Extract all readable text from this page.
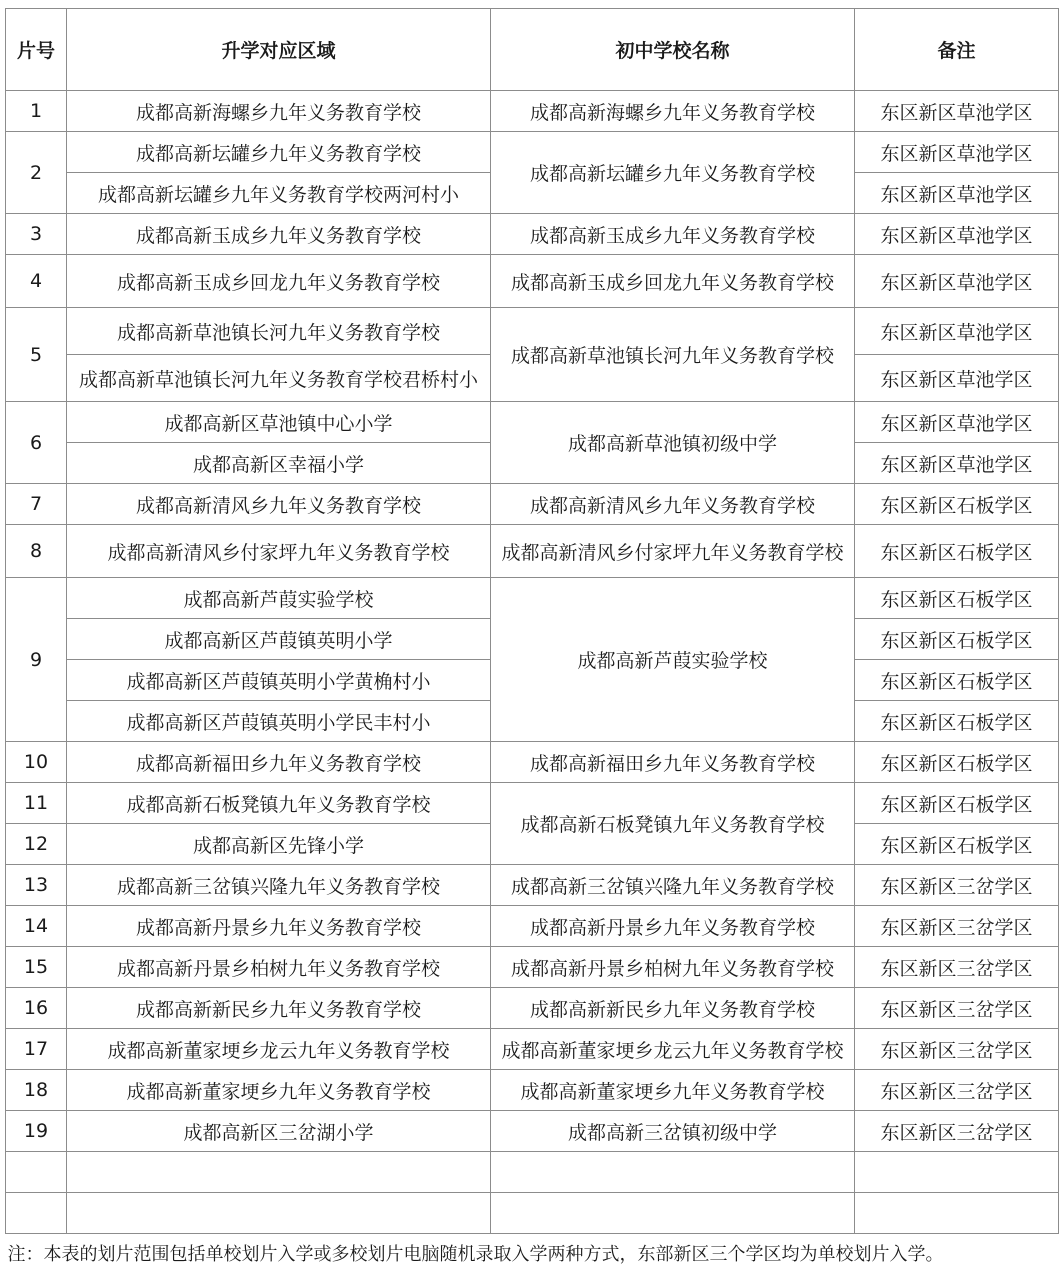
片号	升学对应区域	初中学校名称	备注
1	成都高新海螺乡九年义务教育学校	成都高新海螺乡九年义务教育学校	东区新区草池学区
2	成都高新坛罐乡九年义务教育学校	成都高新坛罐乡九年义务教育学校	东区新区草池学区
	成都高新坛罐乡九年义务教育学校两河村小		东区新区草池学区
3	成都高新玉成乡九年义务教育学校	成都高新玉成乡九年义务教育学校	东区新区草池学区
4	成都高新玉成乡回龙九年义务教育学校	成都高新玉成乡回龙九年义务教育学校	东区新区草池学区
5	成都高新草池镇长河九年义务教育学校	成都高新草池镇长河九年义务教育学校	东区新区草池学区
	成都高新草池镇长河九年义务教育学校君桥村小		东区新区草池学区
6	成都高新区草池镇中心小学	成都高新草池镇初级中学	东区新区草池学区
	成都高新区幸福小学		东区新区草池学区
7	成都高新清风乡九年义务教育学校	成都高新清风乡九年义务教育学校	东区新区石板学区
8	成都高新清风乡付家坪九年义务教育学校	成都高新清风乡付家坪九年义务教育学校	东区新区石板学区
9	成都高新芦葭实验学校	成都高新芦葭实验学校	东区新区石板学区
	成都高新区芦葭镇英明小学		东区新区石板学区
	成都高新区芦葭镇英明小学黄桷村小		东区新区石板学区
	成都高新区芦葭镇英明小学民丰村小		东区新区石板学区
10	成都高新福田乡九年义务教育学校	成都高新福田乡九年义务教育学校	东区新区石板学区
11	成都高新石板凳镇九年义务教育学校	成都高新石板凳镇九年义务教育学校	东区新区石板学区
12	成都高新区先锋小学		东区新区石板学区
13	成都高新三岔镇兴隆九年义务教育学校	成都高新三岔镇兴隆九年义务教育学校	东区新区三岔学区
14	成都高新丹景乡九年义务教育学校	成都高新丹景乡九年义务教育学校	东区新区三岔学区
15	成都高新丹景乡柏树九年义务教育学校	成都高新丹景乡柏树九年义务教育学校	东区新区三岔学区
16	成都高新新民乡九年义务教育学校	成都高新新民乡九年义务教育学校	东区新区三岔学区
17	成都高新董家埂乡龙云九年义务教育学校	成都高新董家埂乡龙云九年义务教育学校	东区新区三岔学区
18	成都高新董家埂乡九年义务教育学校	成都高新董家埂乡九年义务教育学校	东区新区三岔学区
19	成都高新区三岔湖小学	成都高新三岔镇初级中学	东区新区三岔学区

注：本表的划片范围包括单校划片入学或多校划片电脑随机录取入学两种方式，东部新区三个学区均为单校划片入学。			
